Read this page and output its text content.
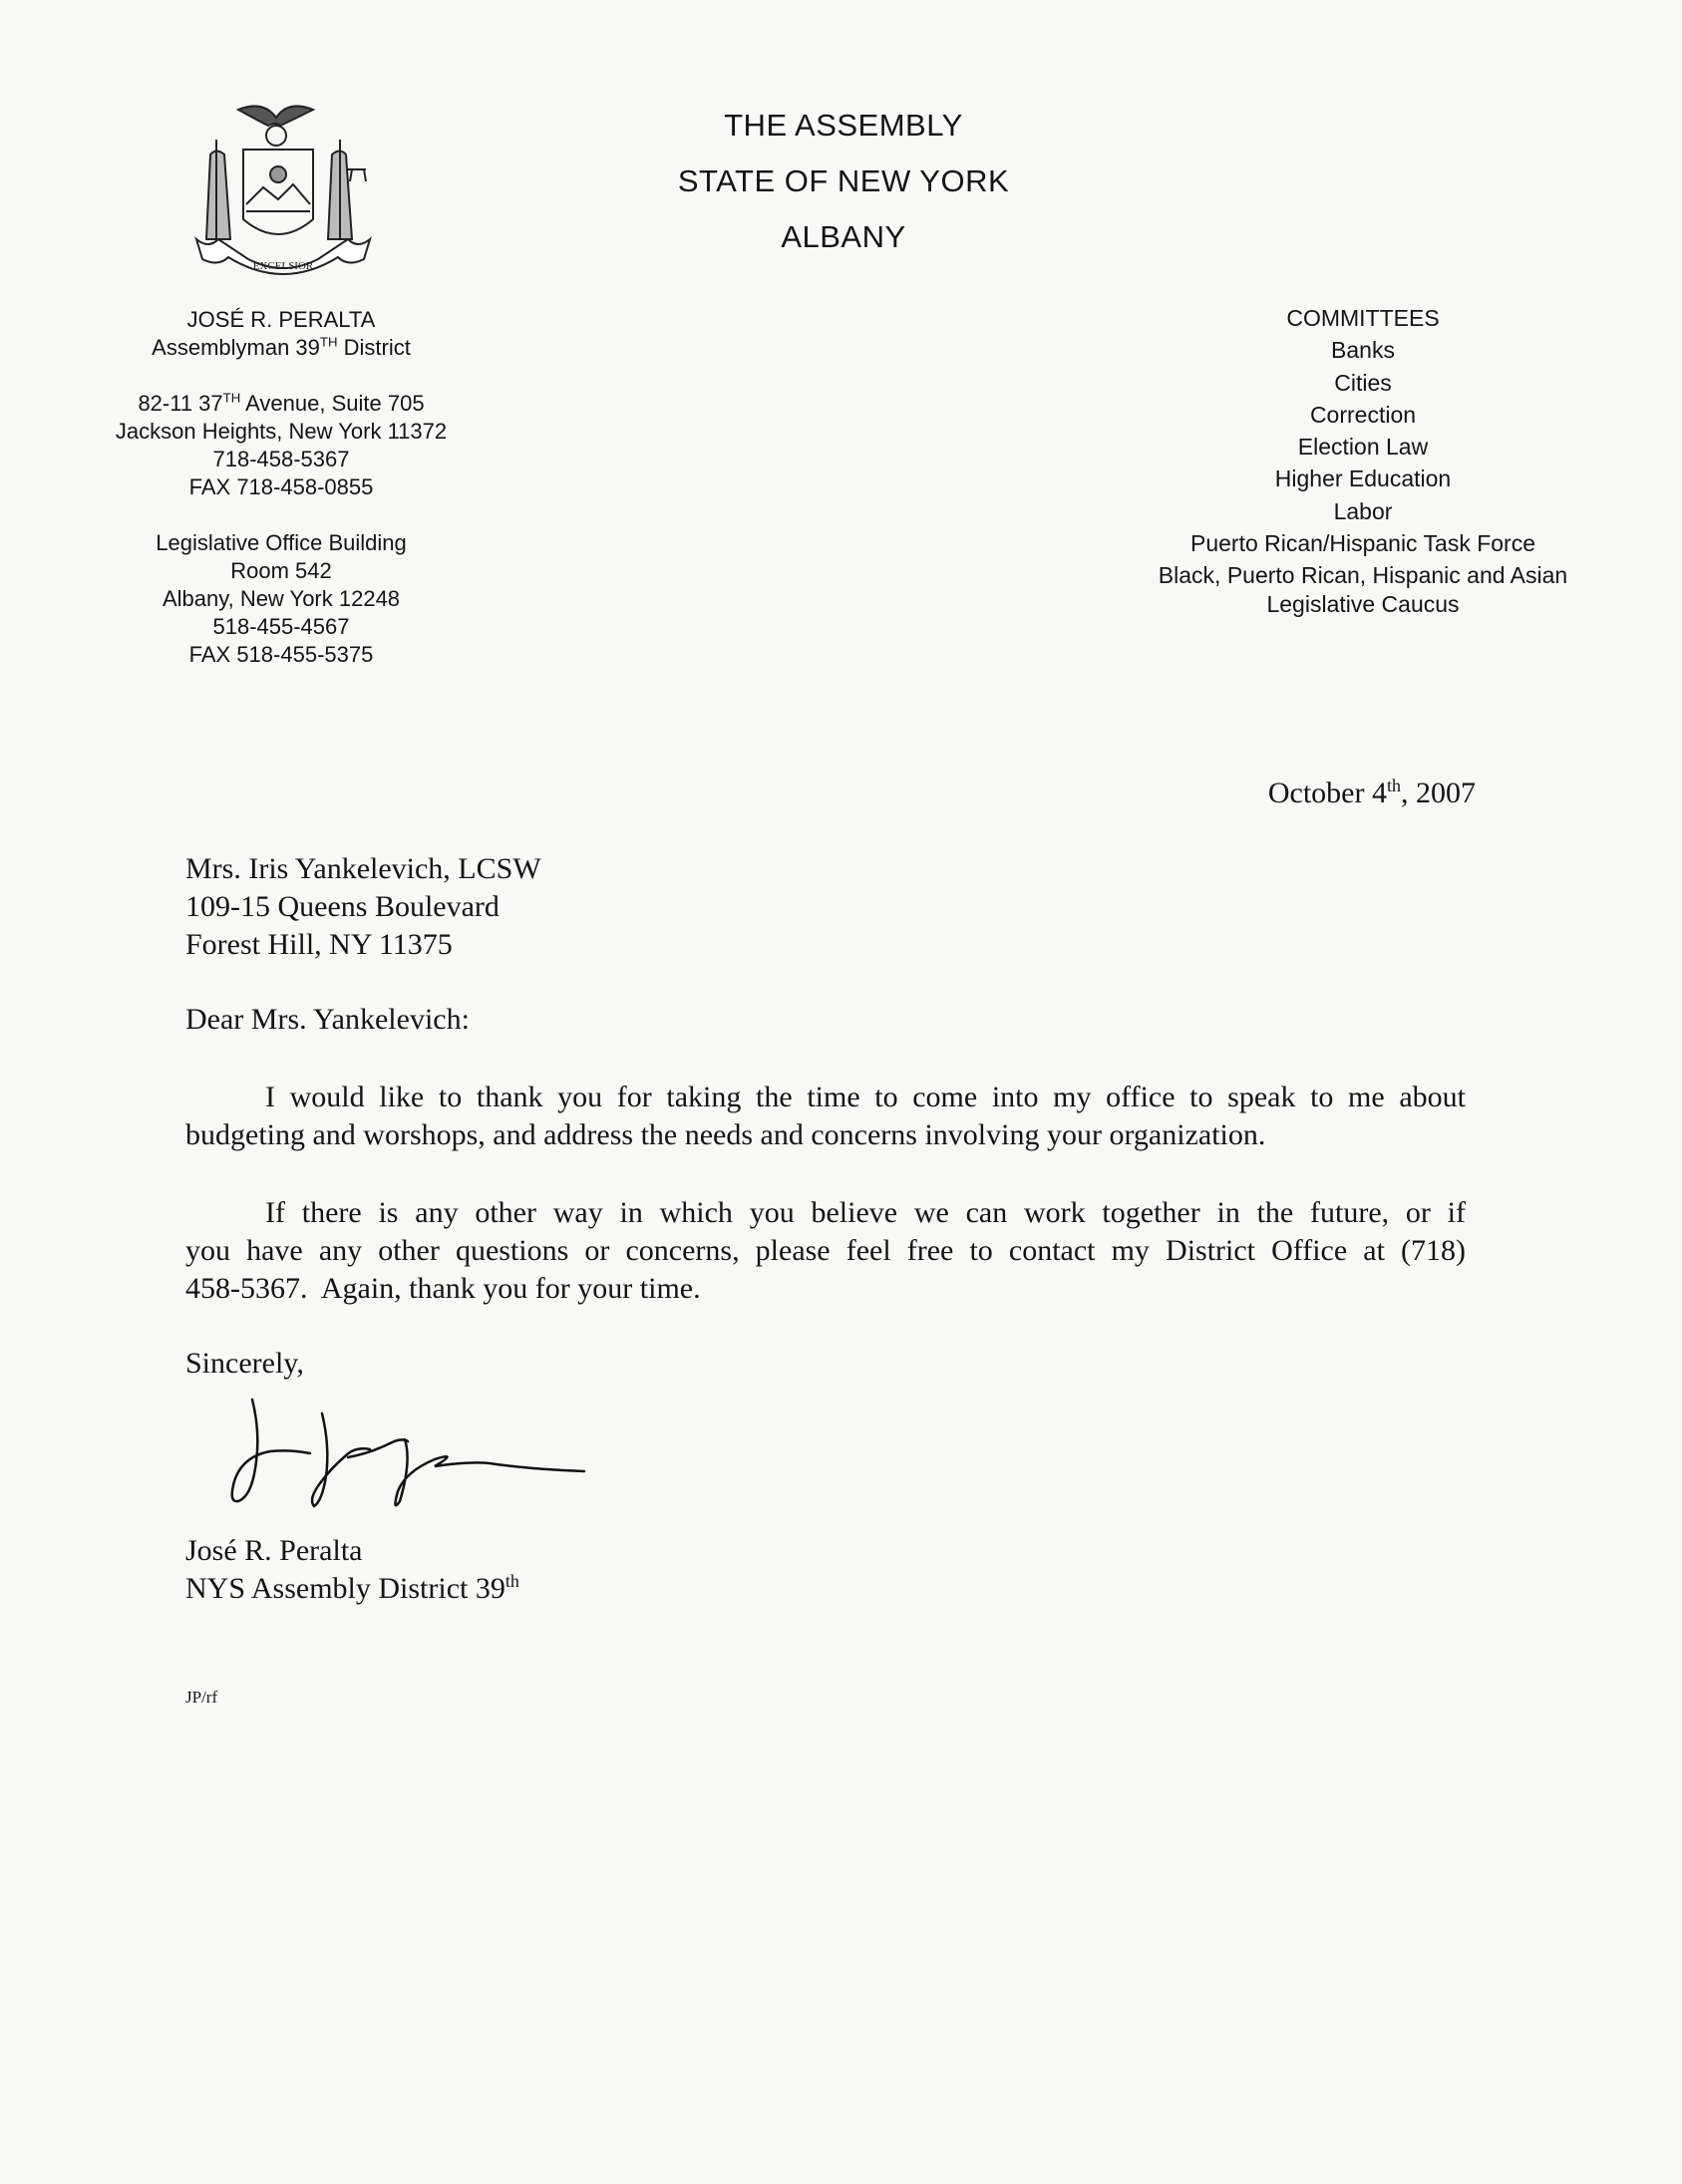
EXCELSIOR
THE ASSEMBLY
STATE OF NEW YORK
ALBANY
JOSÉ R. PERALTA
Assemblyman 39TH District
82-11 37TH Avenue, Suite 705
Jackson Heights, New York 11372
718-458-5367
FAX 718-458-0855
Legislative Office Building
Room 542
Albany, New York 12248
518-455-4567
FAX 518-455-5375
COMMITTEES
Banks
Cities
Correction
Election Law
Higher Education
Labor
Puerto Rican/Hispanic Task Force
Black, Puerto Rican, Hispanic and Asian
Legislative Caucus
October 4th, 2007
Mrs. Iris Yankelevich, LCSW
109-15 Queens Boulevard
Forest Hill, NY 11375
Dear Mrs. Yankelevich:
I would like to thank you for taking the time to come into my office to speak to me about
budgeting and worshops, and address the needs and concerns involving your organization.
If there is any other way in which you believe we can work together in the future, or if
you have any other questions or concerns, please feel free to contact my District Office at (718)
458-5367.  Again, thank you for your time.
Sincerely,
José R. Peralta
NYS Assembly District 39th
JP/rf
